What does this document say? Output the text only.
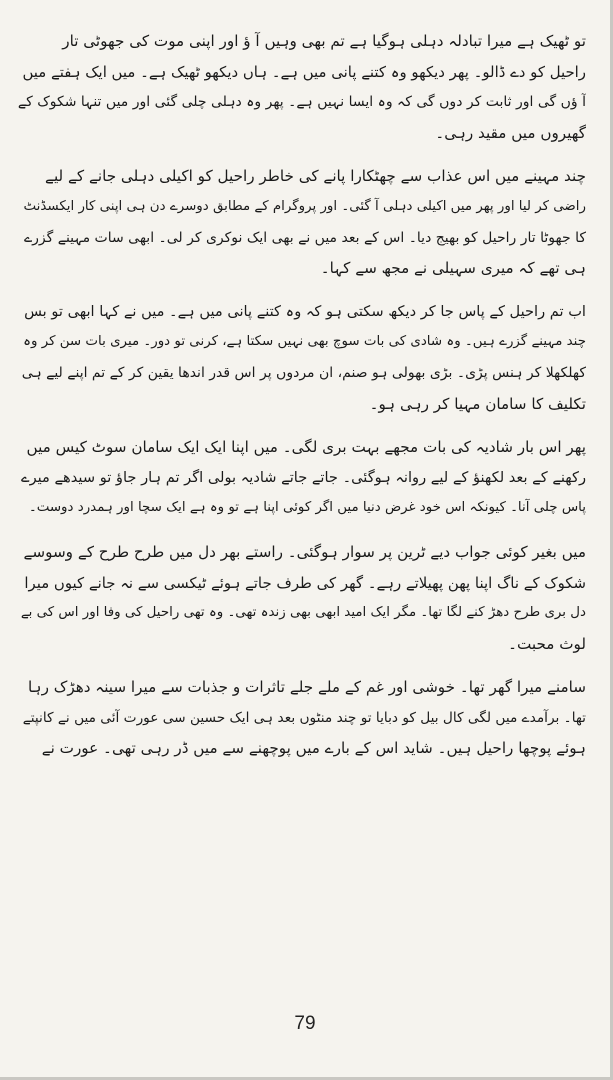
تو ٹھیک ہے میرا تبادلہ دہلی ہوگیا ہے تم بھی وہیں آ ؤ اور اپنی موت کی جھوٹی تار
راحیل کو دے ڈالو۔ پھر دیکھو وہ کتنے پانی میں ہے۔ ہاں دیکھو ٹھیک ہے۔ میں ایک ہفتے میں
آ ؤں گی اور ثابت کر دوں گی کہ وہ ایسا نہیں ہے۔ پھر وہ دہلی چلی گئی اور میں تنہا شکوک کے
گھیروں میں مقید رہی۔
چند مہینے میں اس عذاب سے چھٹکارا پانے کی خاطر راحیل کو اکیلی دہلی جانے کے لیے
راضی کر لیا اور پھر میں اکیلی دہلی آ گئی۔ اور پروگرام کے مطابق دوسرے دن ہی اپنی کار ایکسڈنٹ
کا جھوٹا تار راحیل کو بھیج دیا۔ اس کے بعد میں نے بھی ایک نوکری کر لی۔ ابھی سات مہینے گزرے
ہی تھے کہ میری سہیلی نے مجھ سے کہا۔
اب تم راحیل کے پاس جا کر دیکھ سکتی ہو کہ وہ کتنے پانی میں ہے۔ میں نے کہا ابھی تو بس
چند مہینے گزرے ہیں۔ وہ شادی کی بات سوچ بھی نہیں سکتا ہے، کرنی تو دور۔ میری بات سن کر وہ
کھلکھلا کر ہنس پڑی۔ بڑی بھولی ہو صنم، ان مردوں پر اس قدر اندھا یقین کر کے تم اپنے لیے ہی
تکلیف کا سامان مہیا کر رہی ہو۔
پھر اس بار شادیہ کی بات مجھے بہت بری لگی۔ میں اپنا ایک ایک سامان سوٹ کیس میں
رکھنے کے بعد لکھنؤ کے لیے روانہ ہوگئی۔ جاتے جاتے شادیہ بولی اگر تم ہار جاؤ تو سیدھے میرے
پاس چلی آنا۔ کیونکہ اس خود غرض دنیا میں اگر کوئی اپنا ہے تو وہ ہے ایک سچا اور ہمدرد دوست۔
میں بغیر کوئی جواب دیے ٹرین پر سوار ہوگئی۔ راستے بھر دل میں طرح طرح کے وسوسے
شکوک کے ناگ اپنا پھن پھیلاتے رہے۔ گھر کی طرف جاتے ہوئے ٹیکسی سے نہ جانے کیوں میرا
دل بری طرح دھڑ کنے لگا تھا۔ مگر ایک امید ابھی بھی زندہ تھی۔ وہ تھی راحیل کی وفا اور اس کی بے
لوث محبت۔
سامنے میرا گھر تھا۔ خوشی اور غم کے ملے جلے تاثرات و جذبات سے میرا سینہ دھڑک رہا
تھا۔ برآمدے میں لگی کال بیل کو دبایا تو چند منٹوں بعد ہی ایک حسین سی عورت آئی میں نے کانپتے
ہوئے پوچھا راحیل ہیں۔ شاید اس کے بارے میں پوچھنے سے میں ڈر رہی تھی۔ عورت نے
79
